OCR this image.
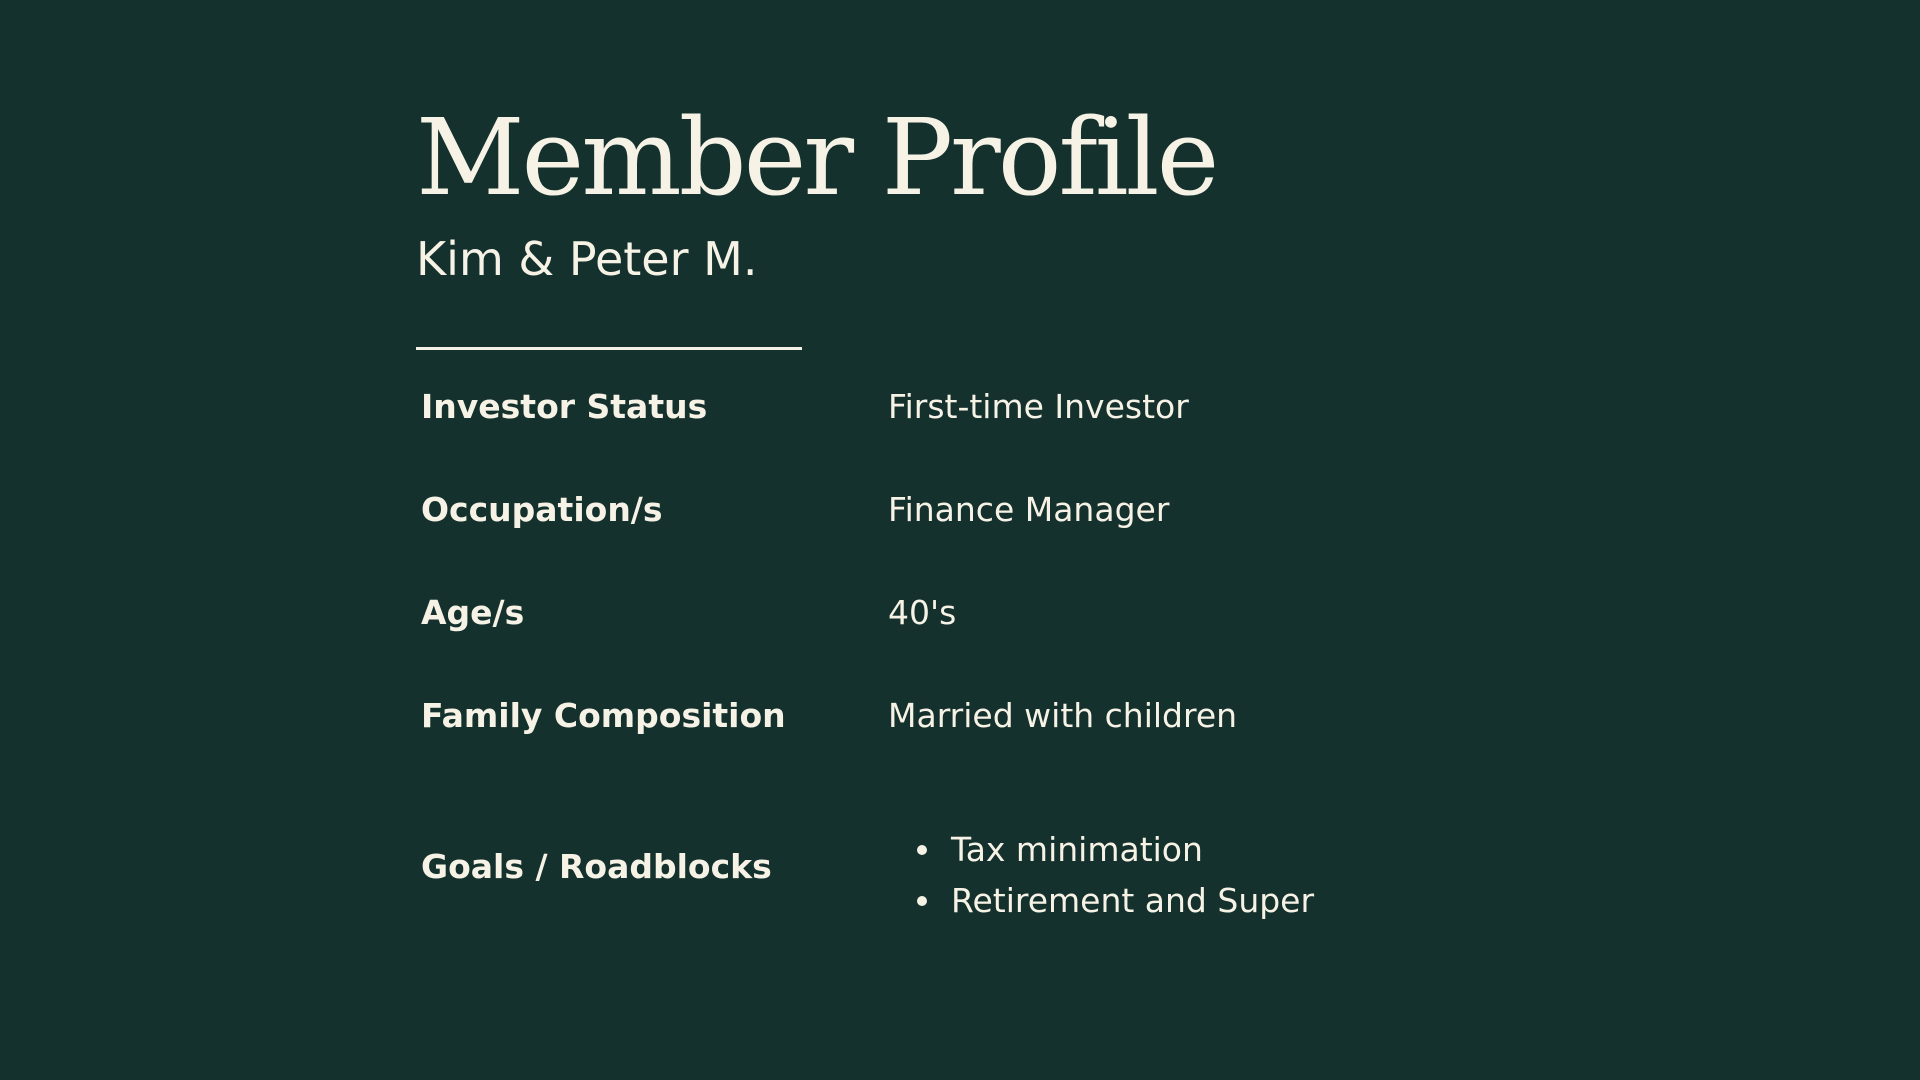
Member Profile
Kim & Peter M.
Investor Status	First-time Investor
Occupation/s	Finance Manager
Age/s	40's
Family Composition	Married with children
Goals / Roadblocks	Tax minimation
Retirement and Super
